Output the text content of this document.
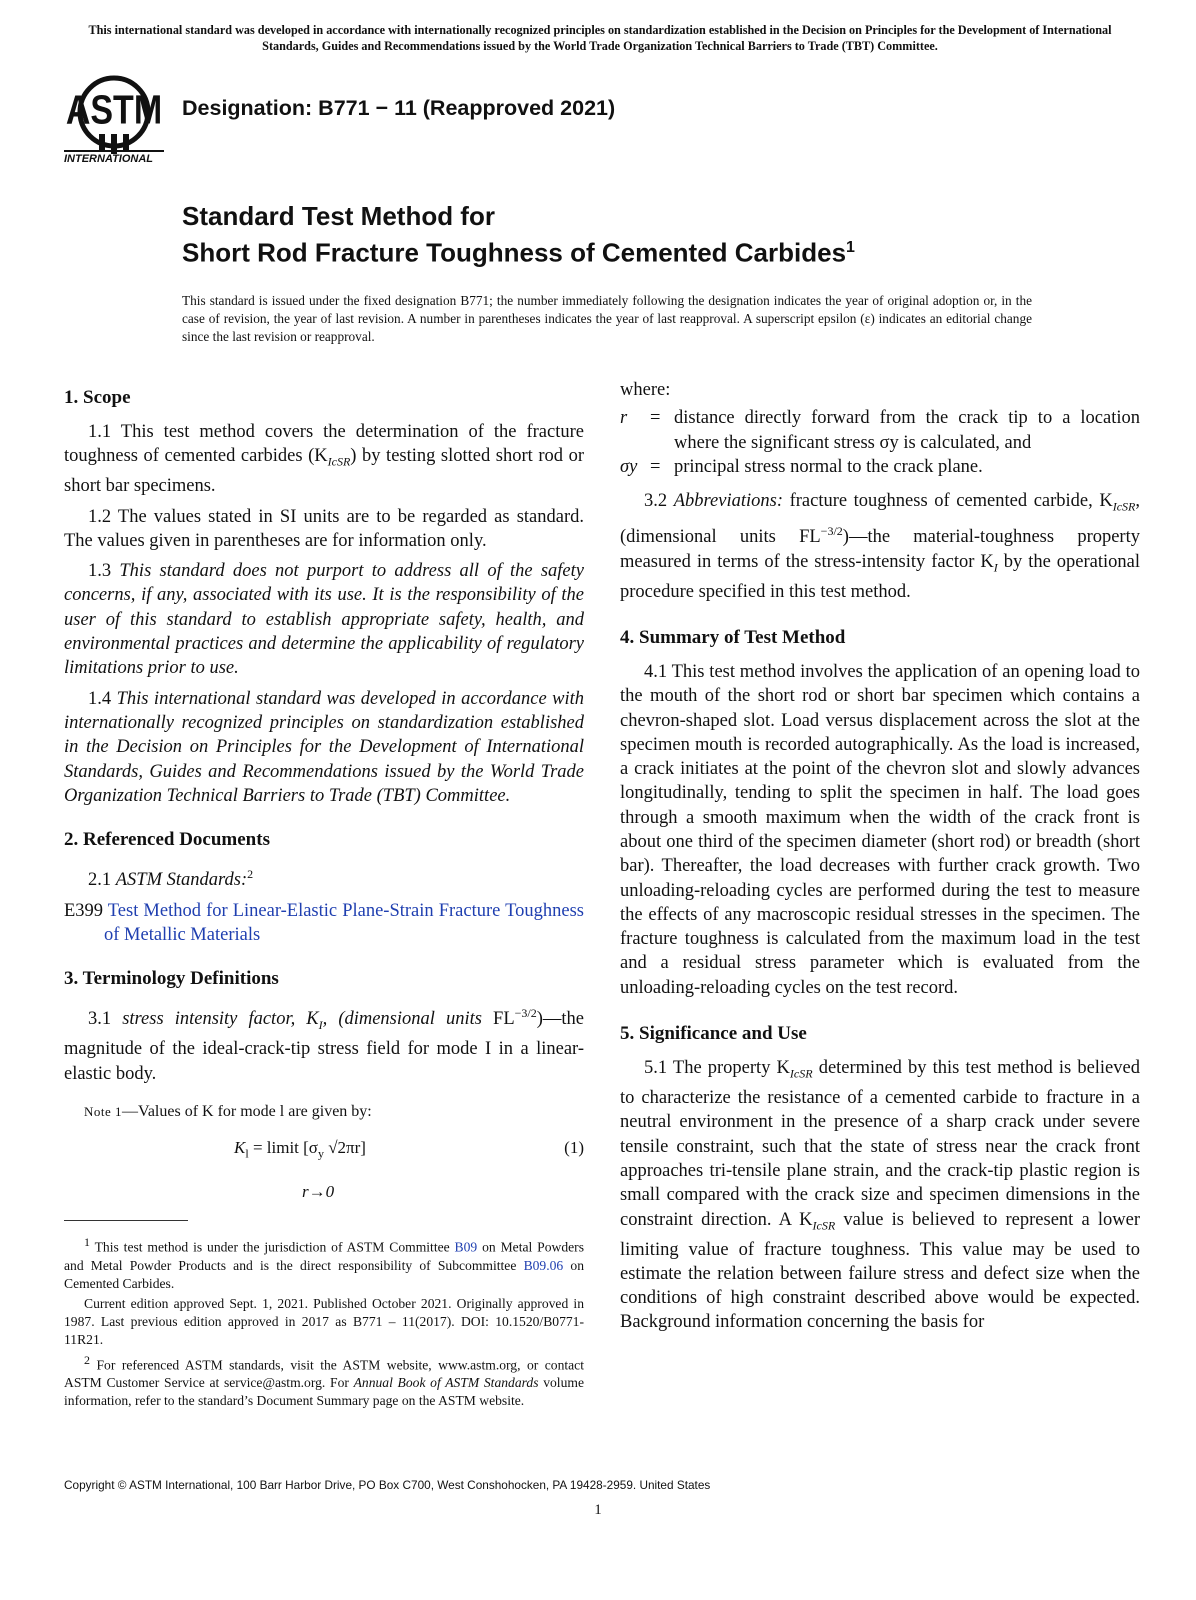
This international standard was developed in accordance with internationally recognized principles on standardization established in the Decision on Principles for the Development of International Standards, Guides and Recommendations issued by the World Trade Organization Technical Barriers to Trade (TBT) Committee.
ASTM
INTERNATIONAL
Designation: B771 − 11 (Reapproved 2021)
Standard Test Method for
Short Rod Fracture Toughness of Cemented Carbides$^1$
This standard is issued under the fixed designation B771; the number immediately following the designation indicates the year of original adoption or, in the case of revision, the year of last revision. A number in parentheses indicates the year of last reapproval. A superscript epsilon (ε) indicates an editorial change since the last revision or reapproval.
1. Scope

1.1 This test method covers the determination of the fracture toughness of cemented carbides $(K_{IcSR})$ by testing slotted short rod or short bar specimens.

1.2 The values stated in SI units are to be regarded as standard. The values given in parentheses are for information only.

1.3 This standard does not purport to address all of the safety concerns, if any, associated with its use. It is the responsibility of the user of this standard to establish appropriate safety, health, and environmental practices and determine the applicability of regulatory limitations prior to use.

1.4 This international standard was developed in accordance with internationally recognized principles on standardization established in the Decision on Principles for the Development of International Standards, Guides and Recommendations issued by the World Trade Organization Technical Barriers to Trade (TBT) Committee.

2. Referenced Documents

2.1 ASTM Standards:$^2$

E399 Test Method for Linear-Elastic Plane-Strain Fracture Toughness of Metallic Materials
3. Terminology Definitions

3.1 stress intensity factor, $K_I$, (dimensional units $FL^{-3/2})—the$ magnitude of the ideal-crack-tip stress field for mode I in a linear-elastic body.

Note 1—Values of K for mode l are given by:
$K_l$ = limit [$\sigma_y$ √2πr]	(1)
r→0

$^1$ This test method is under the jurisdiction of ASTM Committee B09 on Metal Powders and Metal Powder Products and is the direct responsibility of Subcommittee B09.06 on Cemented Carbides.

Current edition approved Sept. 1, 2021. Published October 2021. Originally approved in 1987. Last previous edition approved in 2017 as B771 – 11(2017). DOI: 10.1520/B0771-11R21.

$^2$ For referenced ASTM standards, visit the ASTM website, www.astm.org, or contact ASTM Customer Service at service@astm.org. For Annual Book of ASTM Standards volume information, refer to the standard’s Document Summary page on the ASTM website.

where:

r	= distance directly forward from the crack tip to a location where the significant stress σy is calculated, and
σy = principal stress normal to the crack plane.

3.2 Abbreviations: fracture toughness of cemented carbide, $K_{IcSR}$, (dimensional units $FL^{-3/2})—the$ material-toughness property measured in terms of the stress-intensity factor $K_I$ by the operational procedure specified in this test method.

4. Summary of Test Method

4.1 This test method involves the application of an opening load to the mouth of the short rod or short bar specimen which contains a chevron-shaped slot. Load versus displacement across the slot at the specimen mouth is recorded autographically. As the load is increased, a crack initiates at the point of the chevron slot and slowly advances longitudinally, tending to split the specimen in half. The load goes through a smooth maximum when the width of the crack front is about one third of the specimen diameter (short rod) or breadth (short bar). Thereafter, the load decreases with further crack growth. Two unloading-reloading cycles are performed during the test to measure the effects of any macroscopic residual stresses in the specimen. The fracture toughness is calculated from the maximum load in the test and a residual stress parameter which is evaluated from the unloading-reloading cycles on the test record.

5. Significance and Use

5.1 The property $K_{IcSR}$ determined by this test method is believed to characterize the resistance of a cemented carbide to fracture in a neutral environment in the presence of a sharp crack under severe tensile constraint, such that the state of stress near the crack front approaches tri-tensile plane strain, and the crack-tip plastic region is small compared with the crack size and specimen dimensions in the constraint direction. A $K_{IcSR}$ value is believed to represent a lower limiting value of fracture toughness. This value may be used to estimate the relation between failure stress and defect size when the conditions of high constraint described above would be expected. Background information concerning the basis for

Copyright © ASTM International, 100 Barr Harbor Drive, PO Box C700, West Conshohocken, PA 19428-2959. United States
1
